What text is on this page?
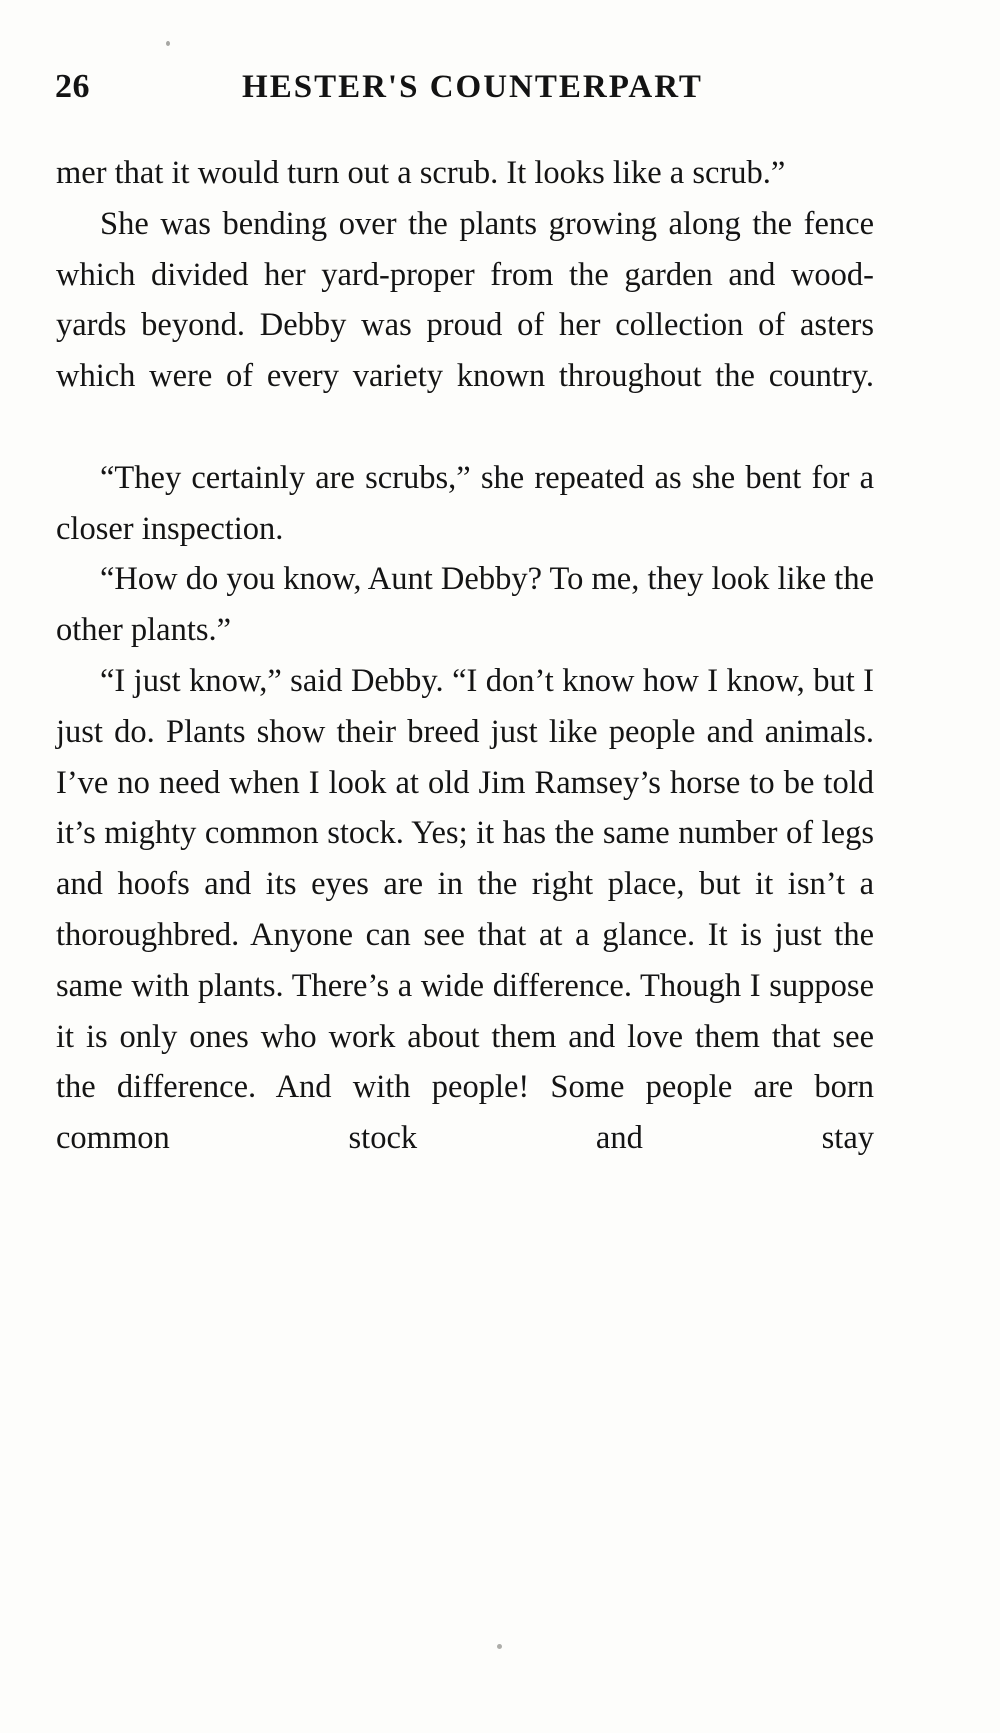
26	HESTER'S COUNTERPART

mer that it would turn out a scrub. It looks like a scrub.”

She was bending over the plants growing along the fence which divided her yard-proper from the garden and wood-yards beyond. Debby was proud of her collection of asters which were of every variety known throughout the country.

“They certainly are scrubs,” she repeated as she bent for a closer inspection.

“How do you know, Aunt Debby? To me, they look like the other plants.”

“I just know,” said Debby. “I don’t know how I know, but I just do. Plants show their breed just like people and animals. I’ve no need when I look at old Jim Ramsey’s horse to be told it’s mighty common stock. Yes; it has the same number of legs and hoofs and its eyes are in the right place, but it isn’t a thoroughbred. Anyone can see that at a glance. It is just the same with plants. There’s a wide difference. Though I suppose it is only ones who work about them and love them that see the difference. And with people! Some people are born common stock and stay
